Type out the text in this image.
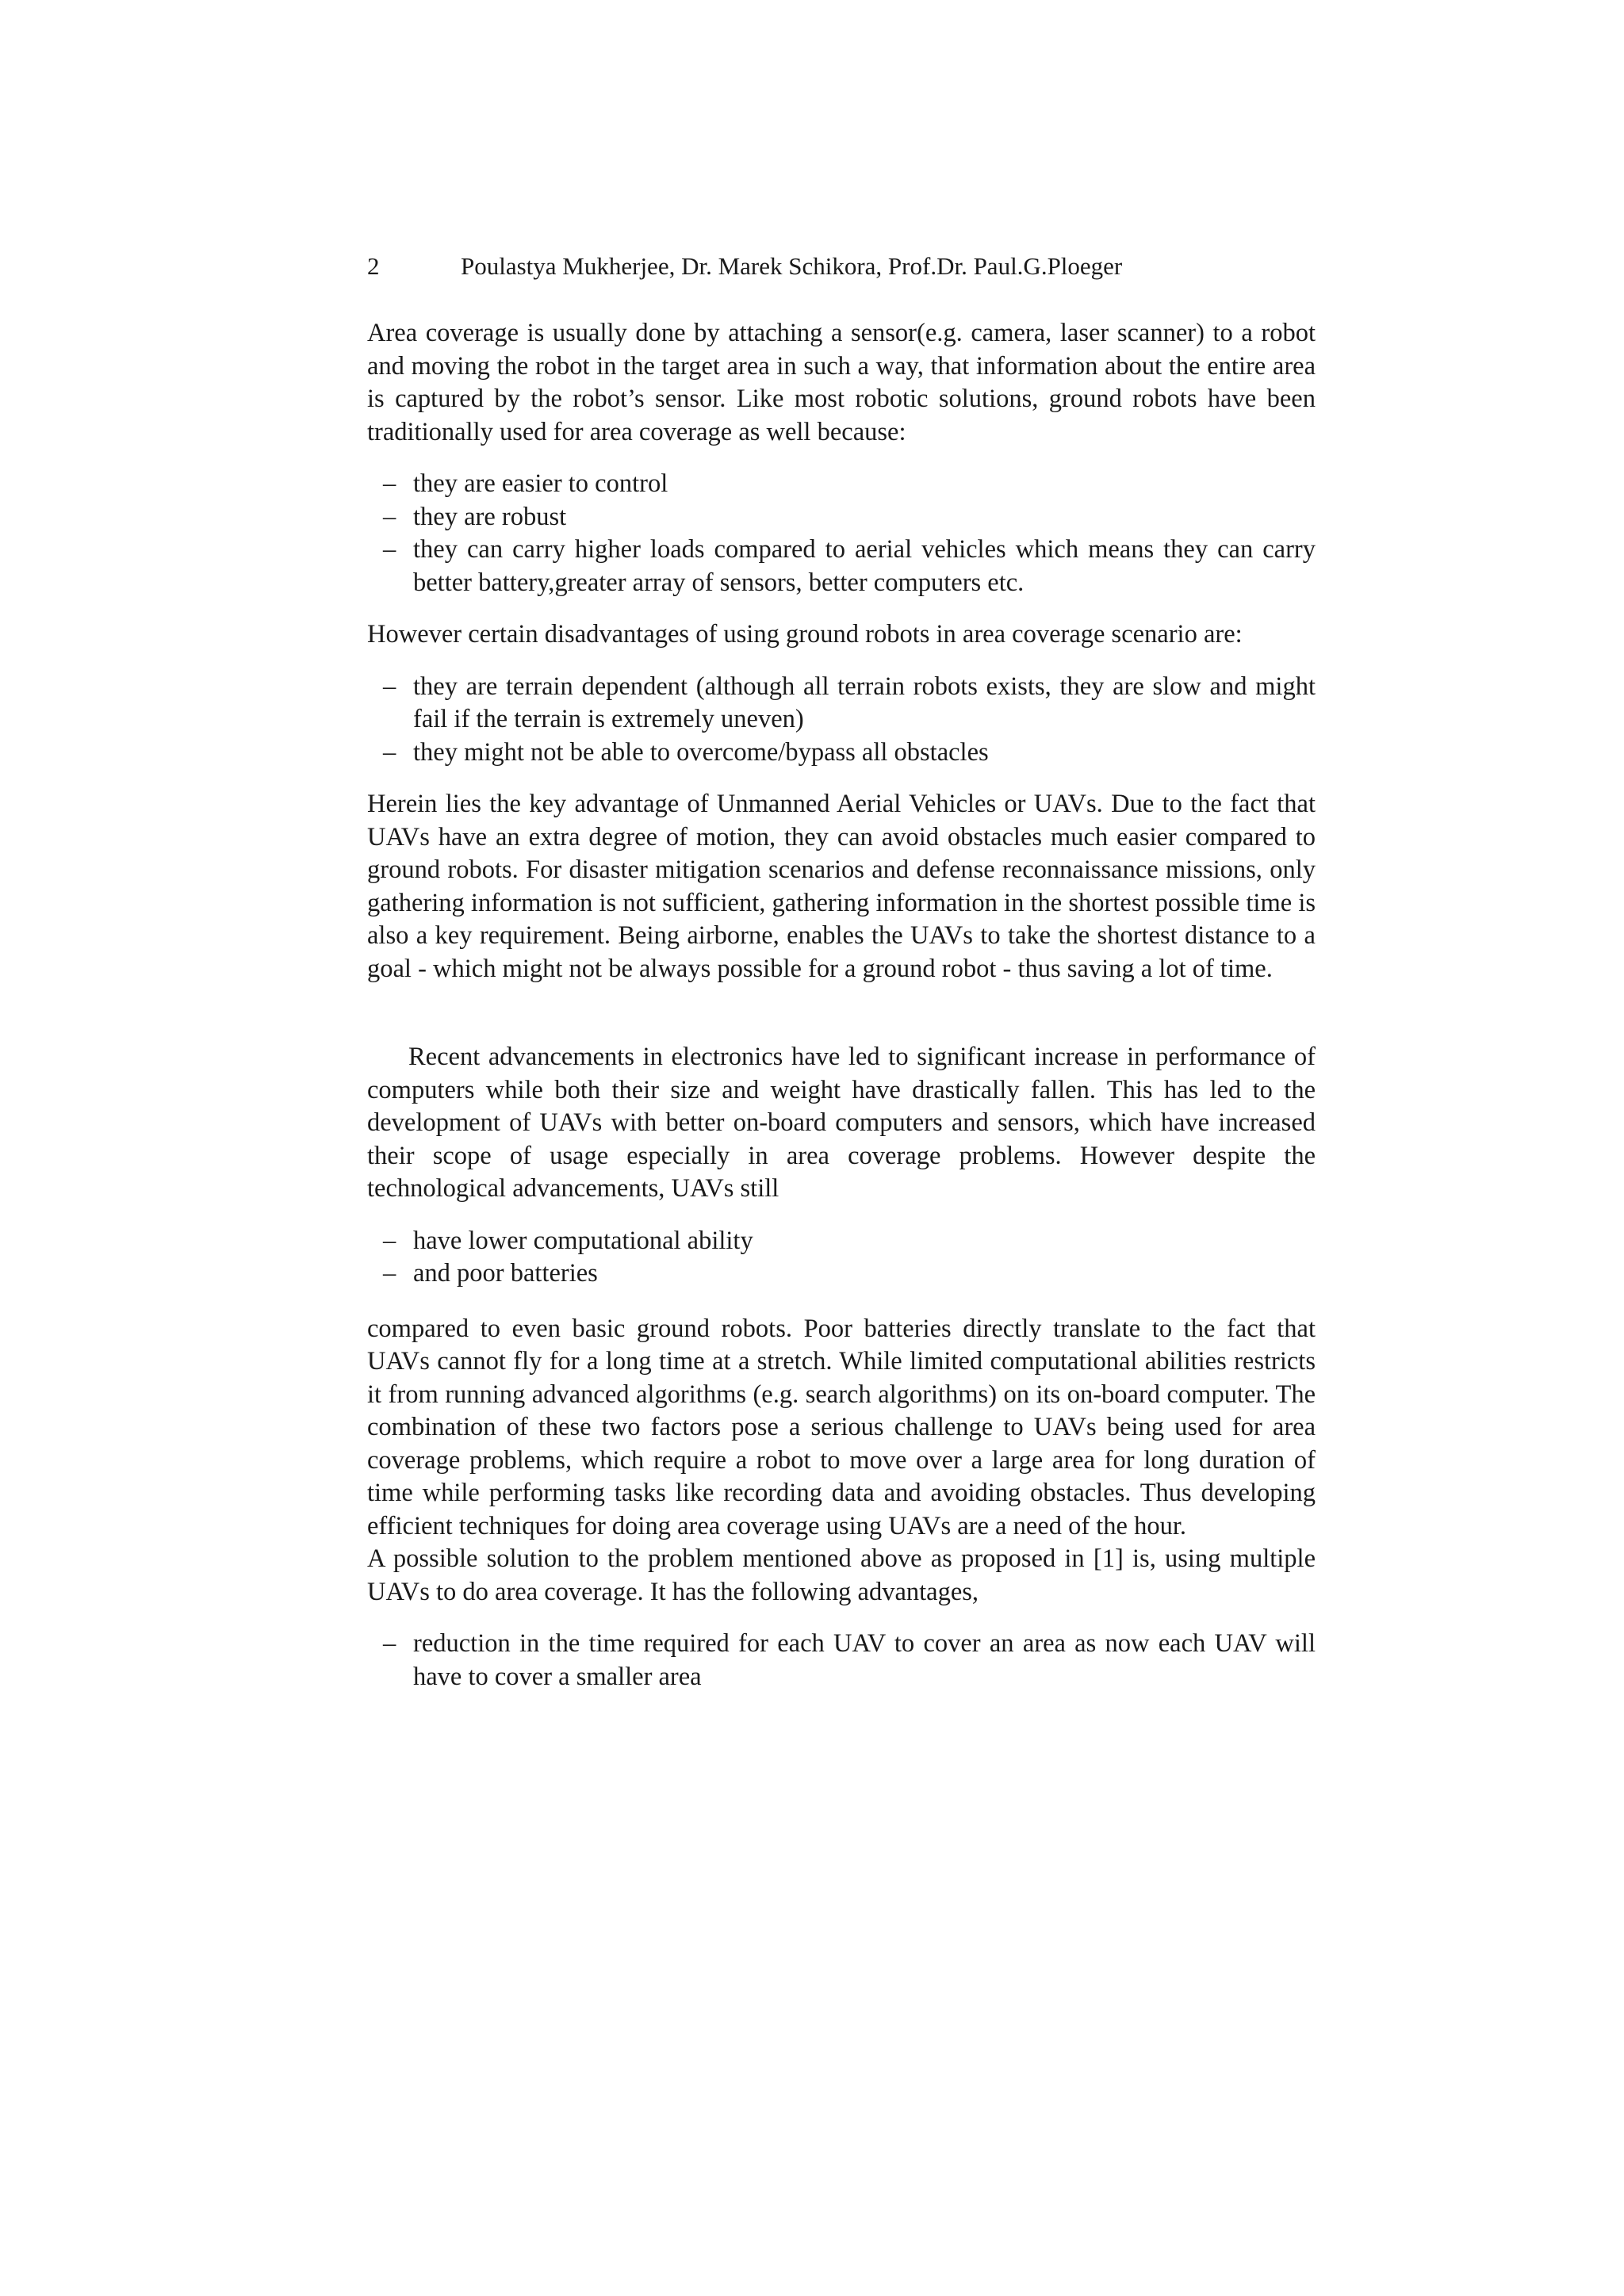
2	Poulastya Mukherjee, Dr. Marek Schikora, Prof.Dr. Paul.G.Ploeger

Area coverage is usually done by attaching a sensor(e.g. camera, laser scanner) to a robot and moving the robot in the target area in such a way, that information about the entire area is captured by the robot’s sensor. Like most robotic solutions, ground robots have been traditionally used for area coverage as well because:

– they are easier to control
– they are robust
– they can carry higher loads compared to aerial vehicles which means they can carry better battery,greater array of sensors, better computers etc.

However certain disadvantages of using ground robots in area coverage scenario are:

– they are terrain dependent (although all terrain robots exists, they are slow and might fail if the terrain is extremely uneven)
– they might not be able to overcome/bypass all obstacles

Herein lies the key advantage of Unmanned Aerial Vehicles or UAVs. Due to the fact that UAVs have an extra degree of motion, they can avoid obstacles much easier compared to ground robots. For disaster mitigation scenarios and defense reconnaissance missions, only gathering information is not sufficient, gathering information in the shortest possible time is also a key requirement. Being airborne, enables the UAVs to take the shortest distance to a goal - which might not be always possible for a ground robot - thus saving a lot of time.

Recent advancements in electronics have led to significant increase in performance of computers while both their size and weight have drastically fallen. This has led to the development of UAVs with better on-board computers and sensors, which have increased their scope of usage especially in area coverage problems. However despite the technological advancements, UAVs still

– have lower computational ability
– and poor batteries

compared to even basic ground robots. Poor batteries directly translate to the fact that UAVs cannot fly for a long time at a stretch. While limited computational abilities restricts it from running advanced algorithms (e.g. search algorithms) on its on-board computer. The combination of these two factors pose a serious challenge to UAVs being used for area coverage problems, which require a robot to move over a large area for long duration of time while performing tasks like recording data and avoiding obstacles. Thus developing efficient techniques for doing area coverage using UAVs are a need of the hour.

A possible solution to the problem mentioned above as proposed in [1] is, using multiple UAVs to do area coverage. It has the following advantages,

– reduction in the time required for each UAV to cover an area as now each UAV will have to cover a smaller area
